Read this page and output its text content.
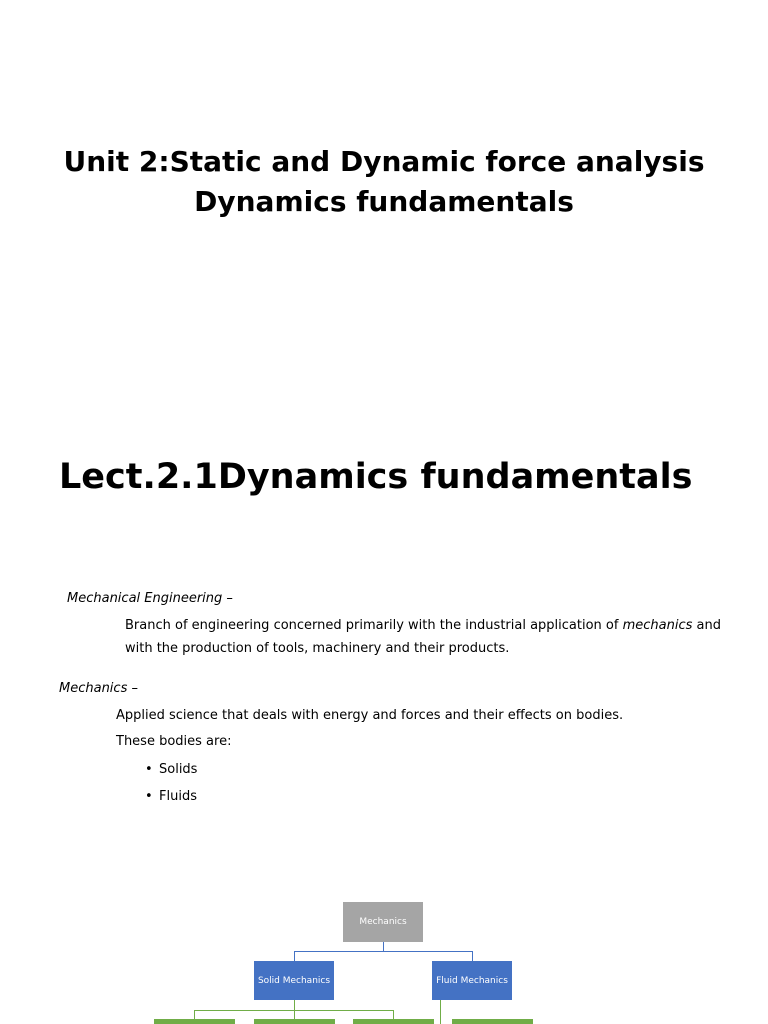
Unit 2:Static and Dynamic force analysis
Dynamics fundamentals
Lect.2.1Dynamics fundamentals

Mechanical Engineering –

Branch of engineering concerned primarily with the industrial application of mechanics and

with the production of tools, machinery and their products.

Mechanics –

Applied science that deals with energy and forces and their effects on bodies.

These bodies are:

• Solids
• Fluids
Mechanics
Solid Mechanics	Fluid Mechanics
